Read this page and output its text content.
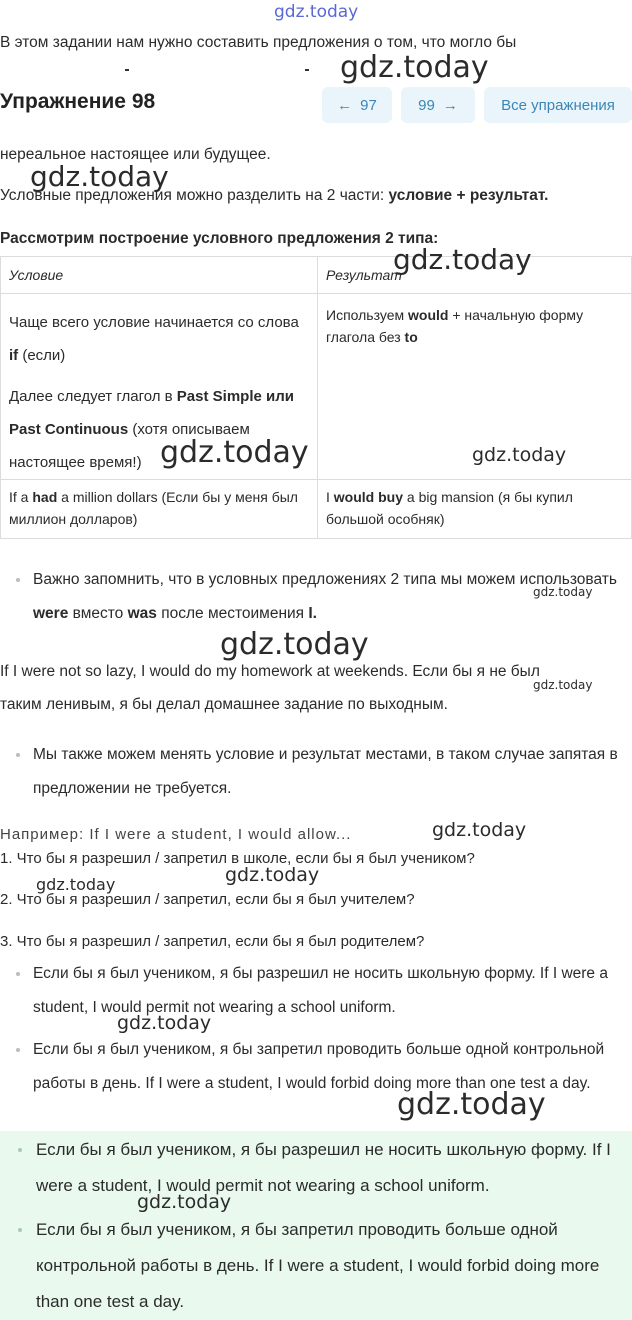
gdz.today
В этом задании нам нужно составить предложения о том, что могло бы
gdz.today
Упражнение 98	← 97	99 →	Все упражнения
нереальное настоящее или будущее.
gdz.today
Условные предложения можно разделить на 2 части: условие + результат.
Рассмотрим построение условного предложения 2 типа:
Условие	Результат

Чаще всего условие начинается со слова if (если)
Далее следует глагол в Past Simple или Past Continuous (хотя описываем настоящее время!)	Используем would + начальную форму глагола без to

If a had a million dollars (Если бы у меня был миллион долларов)	I would buy a big mansion (я бы купил большой особняк)
gdz.today
gdz.today	gdz.today
Важно запомнить, что в условных предложениях 2 типа мы можем использовать were вместо was после местоимения I.
gdz.today
gdz.today
If I were not so lazy, I would do my homework at weekends. Если бы я не был
gdz.today
таким ленивым, я бы делал домашнее задание по выходным.
Мы также можем менять условие и результат местами, в таком случае запятая в предложении не требуется.
Например: If I were a student, I would allow...	gdz.today
1. Что бы я разрешил / запретил в школе, если бы я был учеником?
gdz.today
gdz.today
2. Что бы я разрешил / запретил, если бы я был учителем?
3. Что бы я разрешил / запретил, если бы я был родителем?
Если бы я был учеником, я бы разрешил не носить школьную форму. If I were a student, I would permit not wearing a school uniform.
gdz.today
Если бы я был учеником, я бы запретил проводить больше одной контрольной работы в день. If I were a student, I would forbid doing more than one test a day.
gdz.today
Если бы я был учеником, я бы разрешил не носить школьную форму. If I were a student, I would permit not wearing a school uniform.
Если бы я был учеником, я бы запретил проводить больше одной контрольной работы в день. If I were a student, I would forbid doing more than one test a day.
gdz.today
